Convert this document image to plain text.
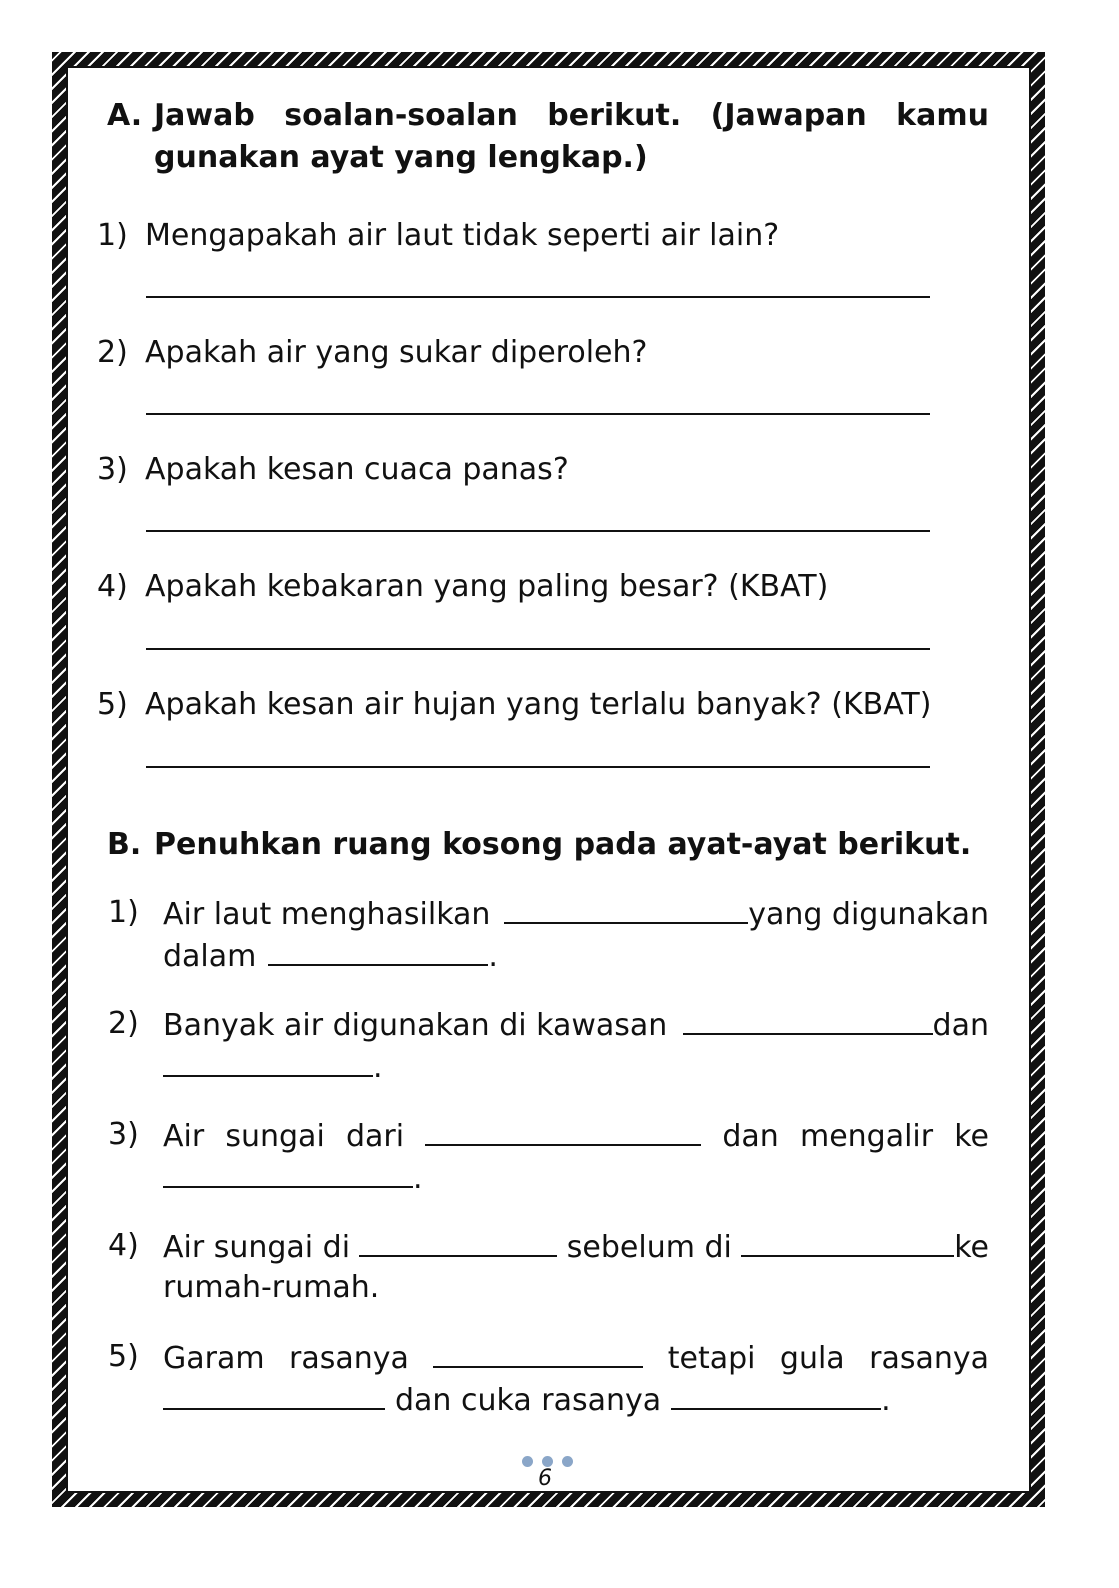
A. Jawab soalan-soalan berikut. (Jawapan kamu gunakan ayat yang lengkap.)
1) Mengapakah air laut tidak seperti air lain?
2) Apakah air yang sukar diperoleh?
3) Apakah kesan cuaca panas?
4) Apakah kebakaran yang paling besar? (KBAT)
5) Apakah kesan air hujan yang terlalu banyak? (KBAT)
B. Penuhkan ruang kosong pada ayat-ayat berikut.
1) Air laut menghasilkan	yang digunakan
dalam	.
2) Banyak air digunakan di kawasan	dan
.
3) Air sungai dari	dan mengalir ke
.
4) Air sungai di	sebelum di	ke
rumah-rumah.
5) Garam rasanya	tetapi gula rasanya
dan cuka rasanya	.
6
